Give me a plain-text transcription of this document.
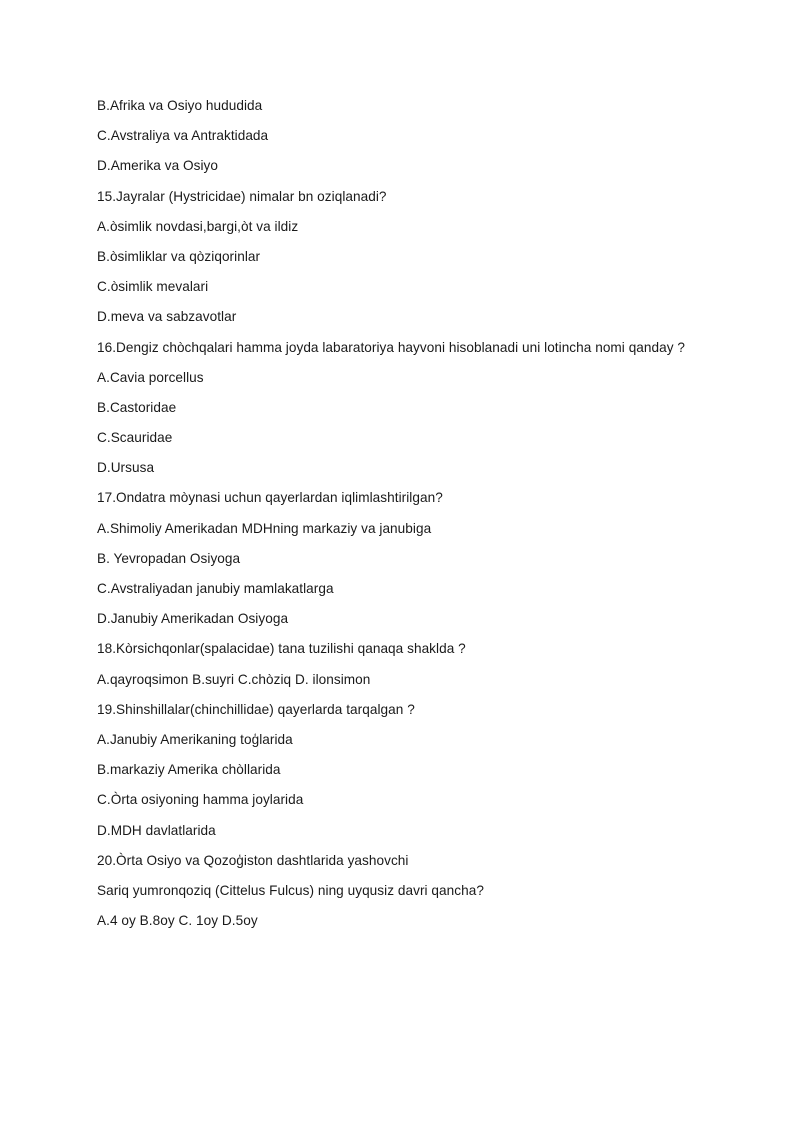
B.Afrika va Osiyo hududida
C.Avstraliya va Antraktidada
D.Amerika va Osiyo
15.Jayralar (Hystricidae) nimalar bn oziqlanadi?
A.òsimlik novdasi,bargi,òt va ildiz
B.òsimliklar va qòziqorinlar
C.òsimlik mevalari
D.meva va sabzavotlar
16.Dengiz chòchqalari hamma joyda labaratoriya hayvoni hisoblanadi uni lotincha nomi qanday ?
A.Cavia porcellus
B.Castoridae
C.Scauridae
D.Ursusa
17.Ondatra mòynasi uchun qayerlardan iqlimlashtirilgan?
A.Shimoliy Amerikadan MDHning markaziy va janubiga
B. Yevropadan Osiyoga
C.Avstraliyadan janubiy mamlakatlarga
D.Janubiy Amerikadan Osiyoga
18.Kòrsichqonlar(spalacidae) tana tuzilishi qanaqa shaklda ?
A.qayroqsimon B.suyri C.chòziq D. ilonsimon
19.Shinshillalar(chinchillidae) qayerlarda tarqalgan ?
A.Janubiy Amerikaning toģlarida
B.markaziy Amerika chòllarida
C.Òrta osiyoning hamma joylarida
D.MDH davlatlarida
20.Òrta Osiyo va Qozoģiston dashtlarida yashovchi
Sariq yumronqoziq (Cittelus Fulcus) ning uyqusiz davri qancha?
A.4 oy B.8oy C. 1oy D.5oy
